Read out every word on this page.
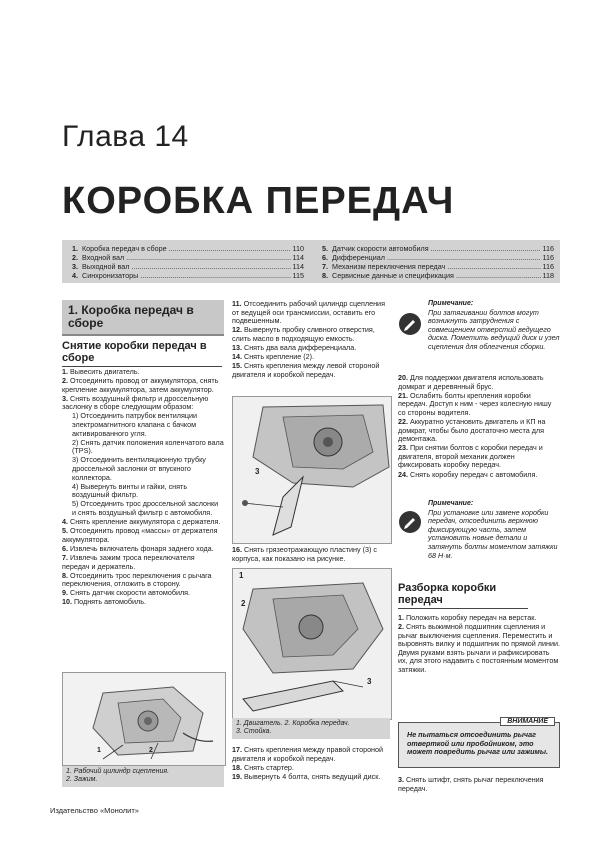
Глава 14
КОРОБКА ПЕРЕДАЧ
1. Коробка передач в сборе .....	110
2. Входной вал .....	114
3. Выходной вал .....	114
4. Синхронизаторы .....	115
5. Датчик скорости автомобиля .....	116
6. Дифференциал .....	116
7. Механизм переключения передач .....	116
8. Сервисные данные и спецификация .....	118
1. Коробка передач в сборе
Снятие коробки передач в сборе

1. Вывесить двигатель.

2. Отсоединить провод от аккумулятора, снять крепление аккумулятора, затем аккумулятор.

3. Снять воздушный фильтр и дроссельную заслонку в сборе следующим образом:

1) Отсоединить патрубок вентиляции электромагнитного клапана с бачком активированного угля.

2) Снять датчик положения коленчатого вала (TPS).

3) Отсоединить вентиляционную трубку дроссельной заслонки от впускного коллектора.

4) Вывернуть винты и гайки, снять воздушный фильтр.

5) Отсоединить трос дроссельной заслонки и снять воздушный фильтр с автомобиля.

4. Снять крепление аккумулятора с держателя.

5. Отсоединить провод «массы» от держателя аккумулятора.

6. Извлечь включатель фонаря заднего хода.

7. Извлечь зажим троса переключателя передач и держатель.

8. Отсоединить трос переключения с рычага переключения, отложить в сторону.

9. Снять датчик скорости автомобиля.

10. Поднять автомобиль.

1	2
1. Рабочий цилиндр сцепления.
2. Зажим.

11. Отсоединить рабочий цилиндр сцепления от ведущей оси трансмиссии, оставить его подвешенным.

12. Вывернуть пробку сливного отверстия, слить масло в подходящую емкость.

13. Снять два вала дифференциала.

14. Снять крепление (2).

15. Снять крепления между левой стороной двигателя и коробкой передач.

3

16. Снять грязеотражающую пластину (3) с корпуса, как показано на рисунке.

1
2
3
1. Двигатель. 2. Коробка передач.
3. Стойка.

17. Снять крепления между правой стороной двигателя и коробкой передач.

18. Снять стартер.

19. Вывернуть 4 болта, снять ведущий диск.

Примечание:
При затягивании болтов могут возникнуть затруднения с совмещением отверстий ведущего диска. Пометить ведущий диск и узел сцепления для облегчения сборки.

20. Для поддержки двигателя использовать домкрат и деревянный брус.

21. Ослабить болты крепления коробки передач. Доступ к ним - через колесную нишу со стороны водителя.

22. Аккуратно установить двигатель и КП на домкрат, чтобы было достаточно места для демонтажа.

23. При снятии болтов с коробки передач и двигателя, второй механик должен фиксировать коробку передач.

24. Снять коробку передач с автомобиля.

Примечание:
При установке или замене коробки передач, отсоединить верхнюю фиксирующую часть, затем установить новые детали и затянуть болты моментом затяжки 68 Н·м.
Разборка коробки передач

1. Положить коробку передач на верстак.

2. Снять выжимной подшипник сцепления и рычаг выключения сцепления. Переместить и выровнять вилку и подшипник по прямой линии. Двумя руками взять рычаги и рафиксировать их, для этого надавить с постоянным моментом затяжки.

ВНИМАНИЕ
Не пытаться отсоединить рычаг отверткой или пробойником, это может повредить рычаг или зажимы.

3. Снять штифт, снять рычаг переключения передач.

Издательство «Монолит»
